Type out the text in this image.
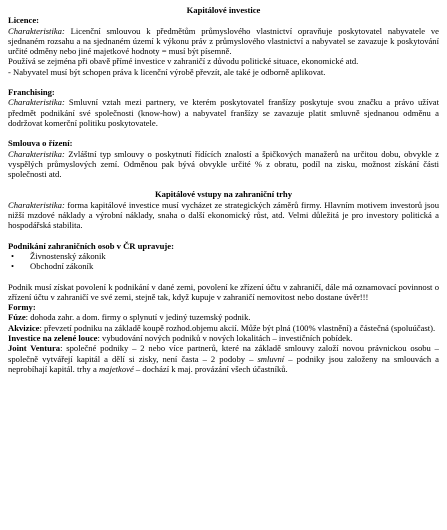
Kapitálové investice

Licence:

Charakteristika: Licenční smlouvou k předmětům průmyslového vlastnictví opravňuje poskytovatel nabyvatele ve sjednaném rozsahu a na sjednaném území k výkonu práv z průmyslového vlastnictví a nabyvatel se zavazuje k poskytování určité odměny nebo jiné majetkové hodnoty = musí být písemně.

Používá se zejména při obavě přímé investice v zahraničí z důvodu politické situace, ekonomické atd.

- Nabyvatel musí být schopen práva k licenční výrobě převzít, ale také je odborně aplikovat.

Franchising:

Charakteristika: Smluvní vztah mezi partnery, ve kterém poskytovatel franšízy poskytuje svou značku a právo užívat předmět podnikání své společnosti (know-how) a nabyvatel franšízy se zavazuje platit smluvně sjednanou odměnu a dodržovat komerční politiku poskytovatele.

Smlouva o řízení:

Charakteristika: Zvláštní typ smlouvy o poskytnutí řídících znalostí a špičkových manažerů na určitou dobu, obvykle z vyspělých průmyslových zemí. Odměnou pak bývá obvykle určité % z obratu, podíl na zisku, možnost získání části společnosti atd.

Kapitálové vstupy na zahraniční trhy

Charakteristika: forma kapitálové investice musí vycházet ze strategických záměrů firmy. Hlavním motivem investorů jsou nižší mzdové náklady a výrobní náklady, snaha o další ekonomický růst, atd. Velmi důležitá je pro investory politická a hospodářská stabilita.

Podnikání zahraničních osob v ČR upravuje:

• Živnostenský zákonik
• Obchodní zákoník

Podnik musí získat povolení k podnikání v dané zemi, povolení ke zřízení účtu v zahraničí, dále má oznamovací povinnost o zřízení účtu v zahraničí ve své zemi, stejně tak, když kupuje v zahraničí nemovitost nebo dostane úvěr!!!

Formy:

Fúze: dohoda zahr. a dom. firmy o splynutí v jediný tuzemský podnik.

Akvizice: převzetí podniku na základě koupě rozhod.objemu akcií. Může být plná (100% vlastnění) a částečná (spoluúčast).

Investice na zelené louce: vybudování nových podniků v nových lokalitách – investičních pobídek.

Joint Ventura: společné podniky – 2 nebo více partnerů, které na základě smlouvy založí novou právnickou osobu – společně vytvářejí kapitál a dělí si zisky, není časta – 2 podoby – smluvní – podniky jsou založeny na smlouvách a neprobíhají kapitál. trhy a majetkové – dochází k maj. provázání všech účastníků.
